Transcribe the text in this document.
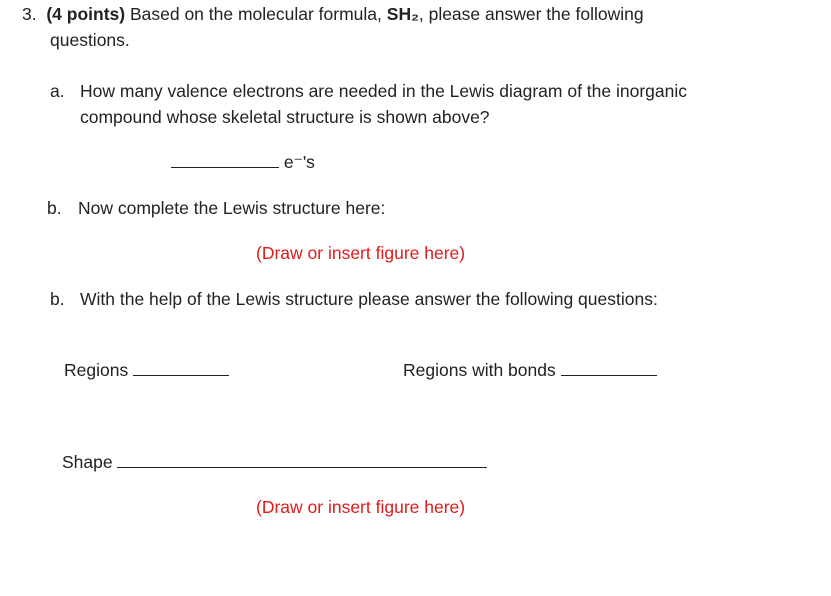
3. (4 points) Based on the molecular formula, SH₂, please answer the following
questions.
a. How many valence electrons are needed in the Lewis diagram of the inorganic
compound whose skeletal structure is shown above?
e⁻'s
b. Now complete the Lewis structure here:
(Draw or insert figure here)
b. With the help of the Lewis structure please answer the following questions:
Regions	Regions with bonds
Shape
(Draw or insert figure here)
